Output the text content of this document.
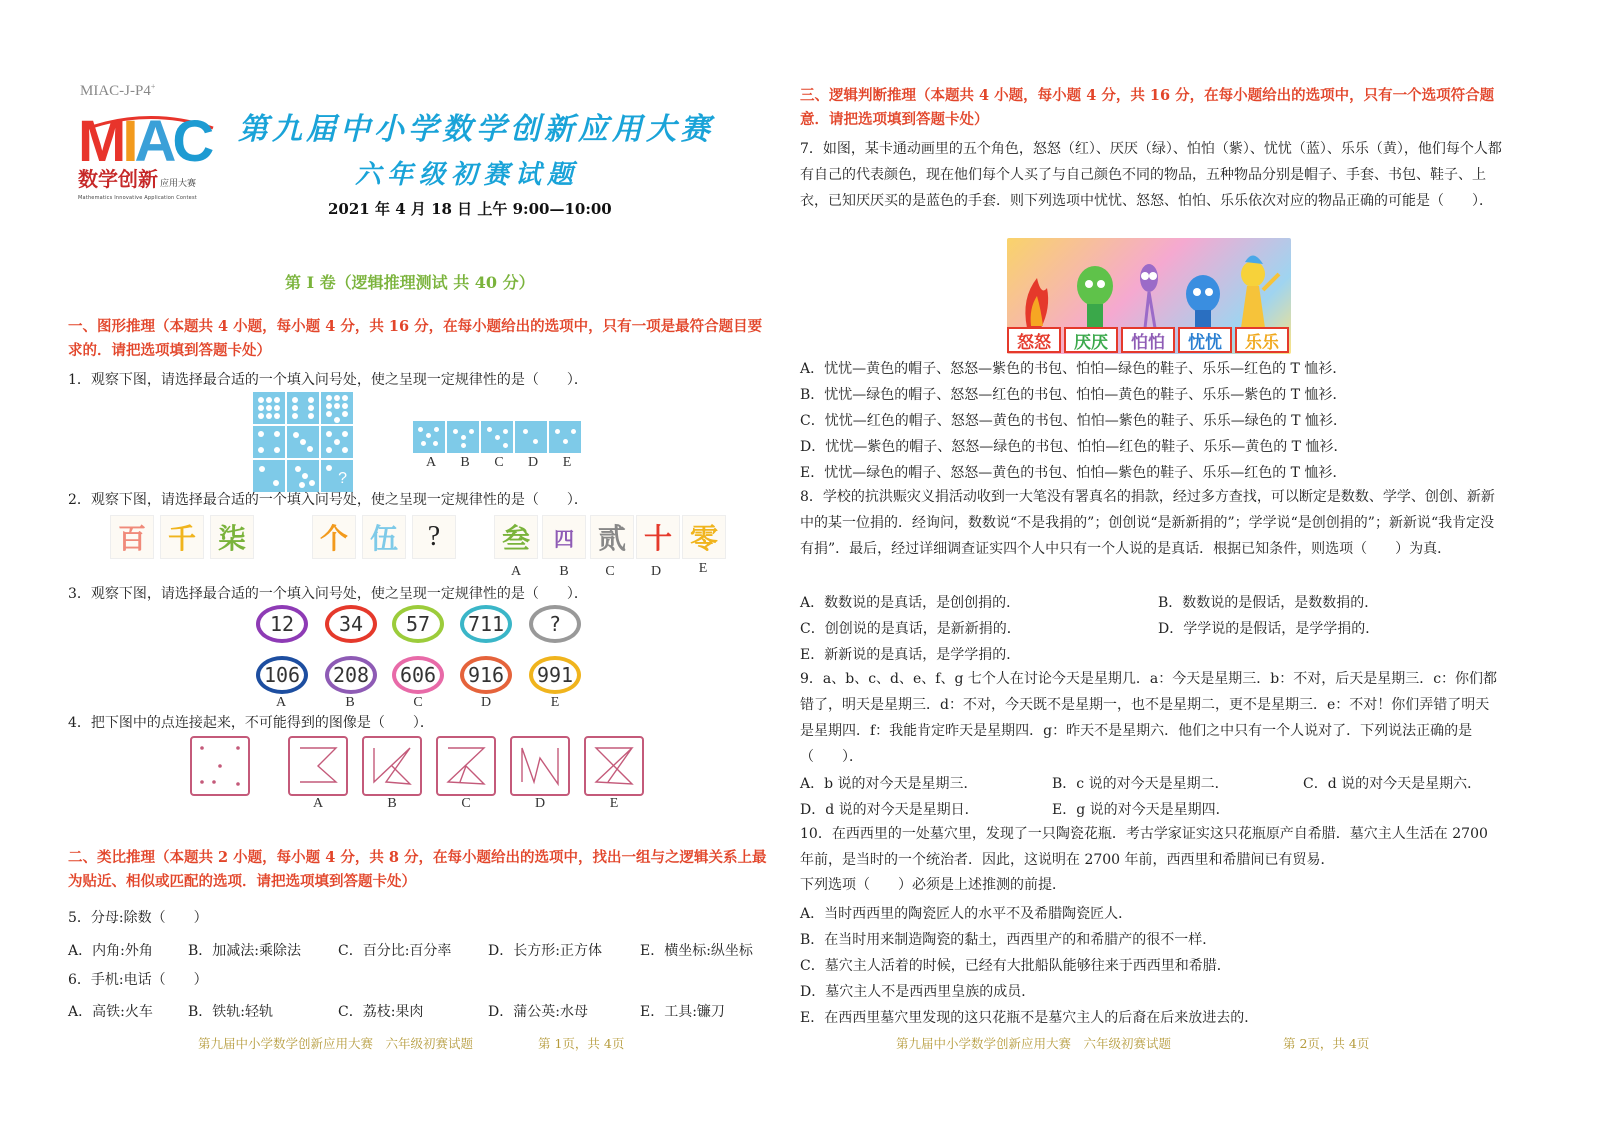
MIAC-J-P4+
MIAC
数学创新 应用大赛
Mathematics Innovative Application Contest
第九届中小学数学创新应用大赛
六年级初赛试题
2021 年 4 月 18 日 上午 9:00—10:00
第 I 卷（逻辑推理测试 共 40 分）
一、图形推理（本题共 4 小题，每小题 4 分，共 16 分，在每小题给出的选项中，只有一项是最符合题目要求的．请把选项填到答题卡处）
1．观察下图，请选择最合适的一个填入问号处，使之呈现一定规律性的是（　　）．
?
A	B	C	D	E
2．观察下图，请选择最合适的一个填入问号处，使之呈现一定规律性的是（　　）．
百 千 柒	个 伍	?	叁	四 贰 十 零
A	B	C	D	E
3．观察下图，请选择最合适的一个填入问号处，使之呈现一定规律性的是（　　）．
12	34	57	711	?
106	208	606	916	991
A	B	C	D	E
4．把下图中的点连接起来，不可能得到的图像是（　　）．
A	B	C	D	E
二、类比推理（本题共 2 小题，每小题 4 分，共 8 分，在每小题给出的选项中，找出一组与之逻辑关系上最为贴近、相似或匹配的选项．请把选项填到答题卡处）
5．分母:除数（　　）
A．内角:外角	B．加减法:乘除法	C．百分比:百分率	D．长方形:正方体	E．横坐标:纵坐标
6．手机:电话（　　）
A．高铁:火车	B．铁轨:轻轨	C．荔枝:果肉	D．蒲公英:水母	E．工具:镰刀
三、逻辑判断推理（本题共 4 小题，每小题 4 分，共 16 分，在每小题给出的选项中，只有一个选项符合题意．请把选项填到答题卡处）
7．如图，某卡通动画里的五个角色，怒怒（红）、厌厌（绿）、怕怕（紫）、忧忧（蓝）、乐乐（黄），他们每个人都有自己的代表颜色，现在他们每个人买了与自己颜色不同的物品，五种物品分别是帽子、手套、书包、鞋子、上衣，已知厌厌买的是蓝色的手套．则下列选项中忧忧、怒怒、怕怕、乐乐依次对应的物品正确的可能是（　　）．
怒怒 厌厌 怕怕 忧忧 乐乐
A．忧忧—黄色的帽子、怒怒—紫色的书包、怕怕—绿色的鞋子、乐乐—红色的 T 恤衫．
B．忧忧—绿色的帽子、怒怒—红色的书包、怕怕—黄色的鞋子、乐乐—紫色的 T 恤衫．
C．忧忧—红色的帽子、怒怒—黄色的书包、怕怕—紫色的鞋子、乐乐—绿色的 T 恤衫．
D．忧忧—紫色的帽子、怒怒—绿色的书包、怕怕—红色的鞋子、乐乐—黄色的 T 恤衫．
E．忧忧—绿色的帽子、怒怒—黄色的书包、怕怕—紫色的鞋子、乐乐—红色的 T 恤衫．
8．学校的抗洪赈灾义捐活动收到一大笔没有署真名的捐款，经过多方查找，可以断定是数数、学学、创创、新新中的某一位捐的．经询问，数数说“不是我捐的”；创创说“是新新捐的”；学学说“是创创捐的”；新新说“我肯定没有捐”．最后，经过详细调查证实四个人中只有一个人说的是真话．根据已知条件，则选项（　　）为真．
A．数数说的是真话，是创创捐的．	B．数数说的是假话，是数数捐的．
C．创创说的是真话，是新新捐的．	D．学学说的是假话，是学学捐的．
E．新新说的是真话，是学学捐的．
9．a、b、c、d、e、f、g 七个人在讨论今天是星期几．a：今天是星期三．b：不对，后天是星期三．c：你们都错了，明天是星期三．d：不对，今天既不是星期一，也不是星期二，更不是星期三．e：不对！你们弄错了明天是星期四．f：我能肯定昨天是星期四．g：昨天不是星期六．他们之中只有一个人说对了．下列说法正确的是（　　）．
A．b 说的对今天是星期三．	B．c 说的对今天是星期二．	C．d 说的对今天是星期六．
D．d 说的对今天是星期日．	E．g 说的对今天是星期四．
10．在西西里的一处墓穴里，发现了一只陶瓷花瓶．考古学家证实这只花瓶原产自希腊．墓穴主人生活在 2700 年前，是当时的一个统治者．因此，这说明在 2700 年前，西西里和希腊间已有贸易．
下列选项（　　）必须是上述推测的前提．
A．当时西西里的陶瓷匠人的水平不及希腊陶瓷匠人．
B．在当时用来制造陶瓷的黏土，西西里产的和希腊产的很不一样．
C．墓穴主人活着的时候，已经有大批船队能够往来于西西里和希腊．
D．墓穴主人不是西西里皇族的成员．
E．在西西里墓穴里发现的这只花瓶不是墓穴主人的后裔在后来放进去的．
第九届中小学数学创新应用大赛　六年级初赛试题	第 1页，共 4页	第九届中小学数学创新应用大赛　六年级初赛试题	第 2页，共 4页
